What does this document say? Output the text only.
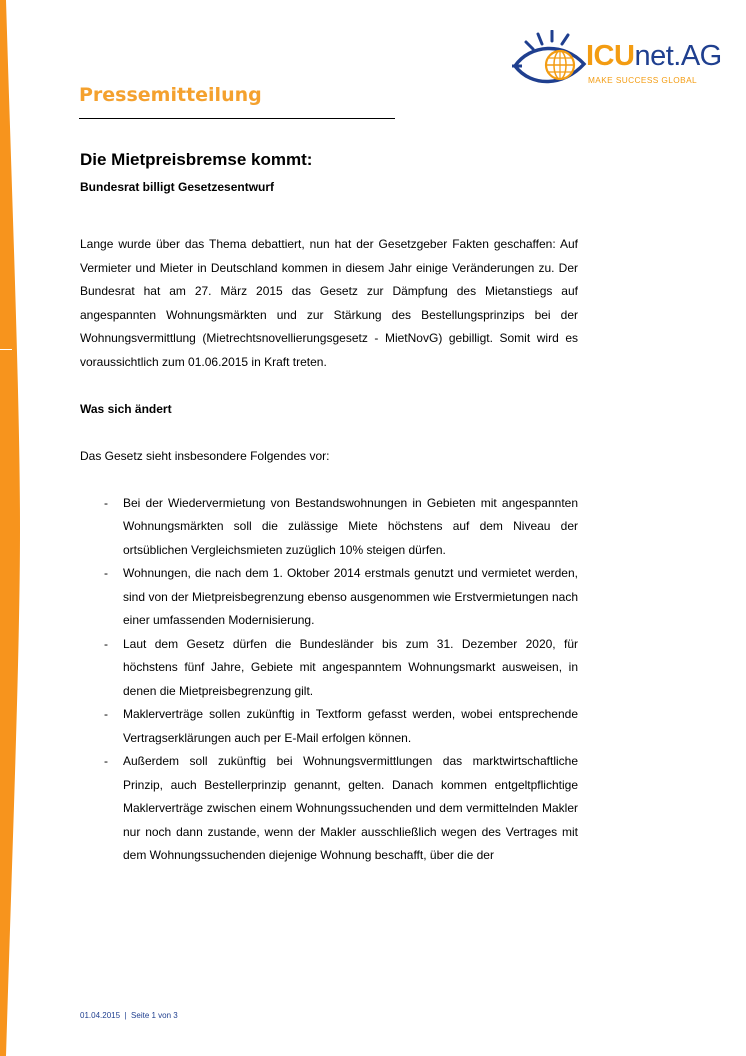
ICUnet.AG
MAKE SUCCESS GLOBAL
Pressemitteilung
Die Mietpreisbremse kommt:
Bundesrat billigt Gesetzesentwurf

Lange wurde über das Thema debattiert, nun hat der Gesetzgeber Fakten geschaffen: Auf Vermieter und Mieter in Deutschland kommen in diesem Jahr einige Veränderungen zu. Der Bundesrat hat am 27. März 2015 das Gesetz zur Dämpfung des Mietanstiegs auf angespannten Wohnungsmärkten und zur Stärkung des Bestellungsprinzips bei der Wohnungsvermittlung (Mietrechtsnovellierungsgesetz - MietNovG) gebilligt. Somit wird es voraussichtlich zum 01.06.2015 in Kraft treten.

Was sich ändert

Das Gesetz sieht insbesondere Folgendes vor:

- Bei der Wiedervermietung von Bestandswohnungen in Gebieten mit angespannten Wohnungsmärkten soll die zulässige Miete höchstens auf dem Niveau der ortsüblichen Vergleichsmieten zuzüglich 10% steigen dürfen.
- Wohnungen, die nach dem 1. Oktober 2014 erstmals genutzt und vermietet werden, sind von der Mietpreisbegrenzung ebenso ausgenommen wie Erstvermietungen nach einer umfassenden Modernisierung.
- Laut dem Gesetz dürfen die Bundesländer bis zum 31. Dezember 2020, für höchstens fünf Jahre, Gebiete mit angespanntem Wohnungsmarkt ausweisen, in denen die Mietpreisbegrenzung gilt.
- Maklerverträge sollen zukünftig in Textform gefasst werden, wobei entsprechende Vertragserklärungen auch per E-Mail erfolgen können.
- Außerdem soll zukünftig bei Wohnungsvermittlungen das marktwirtschaftliche Prinzip, auch Bestellerprinzip genannt, gelten. Danach kommen entgeltpflichtige Maklerverträge zwischen einem Wohnungssuchenden und dem vermittelnden Makler nur noch dann zustande, wenn der Makler ausschließlich wegen des Vertrages mit dem Wohnungssuchenden diejenige Wohnung beschafft, über die der
01.04.2015 | Seite 1 von 3
